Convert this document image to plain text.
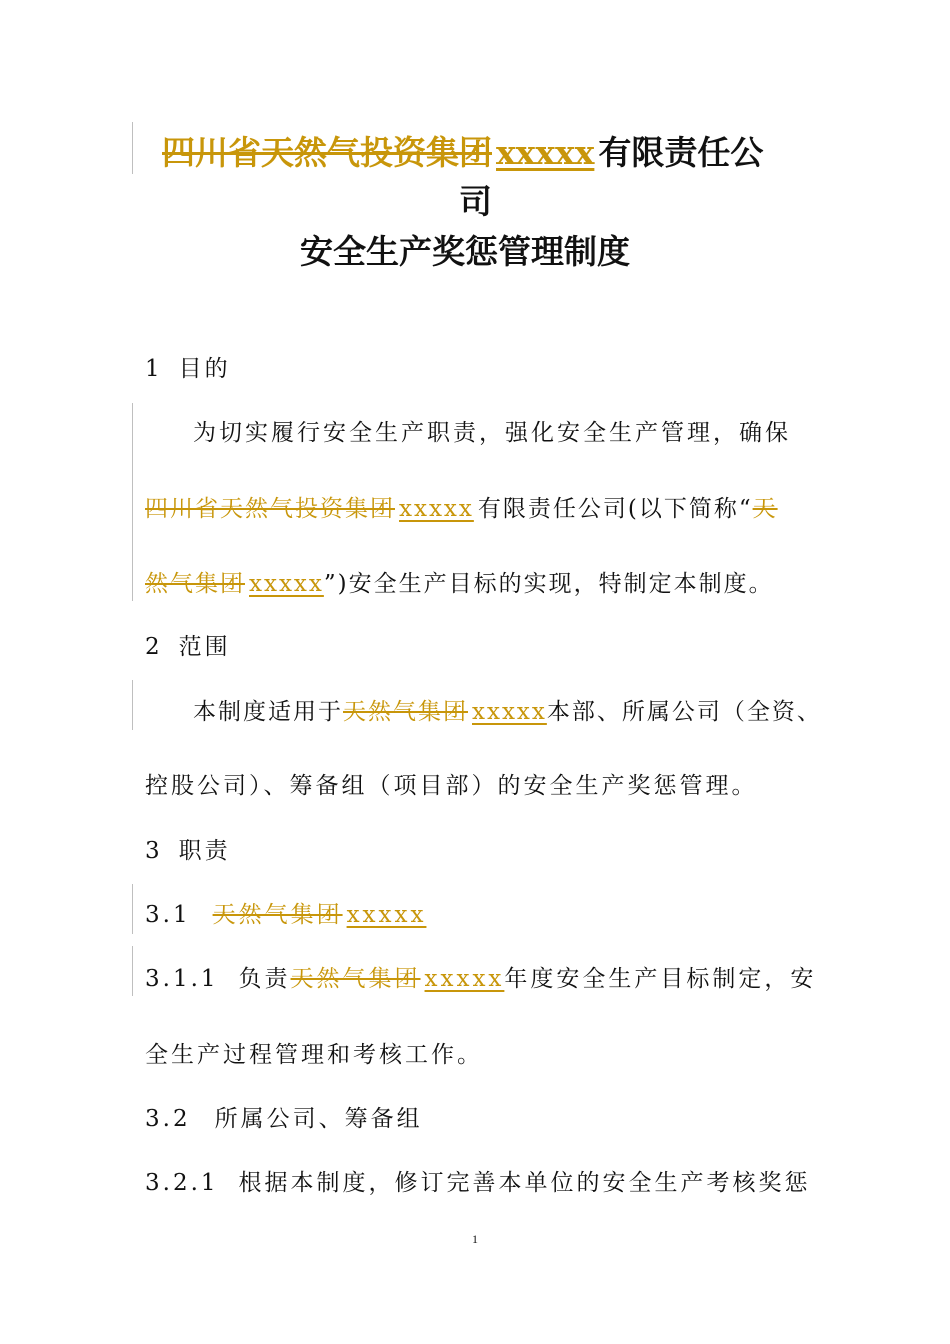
四川省天然气投资集团 xxxxx 有限责任公
司
安全生产奖惩管理制度
1 目的
为切实履行安全生产职责，强化安全生产管理，确保
四川省天然气投资集团 xxxxx 有限责任公司(以下简称“天
然气集团 xxxxx”)安全生产目标的实现，特制定本制度。
2 范围
本制度适用于天然气集团 xxxxx本部、所属公司（全资、
控股公司）、筹备组（项目部）的安全生产奖惩管理。
3 职责
3.1 天然气集团 xxxxx
3.1.1 负责天然气集团 xxxxx年度安全生产目标制定，安
全生产过程管理和考核工作。
3.2 所属公司、筹备组
3.2.1 根据本制度，修订完善本单位的安全生产考核奖惩
1
